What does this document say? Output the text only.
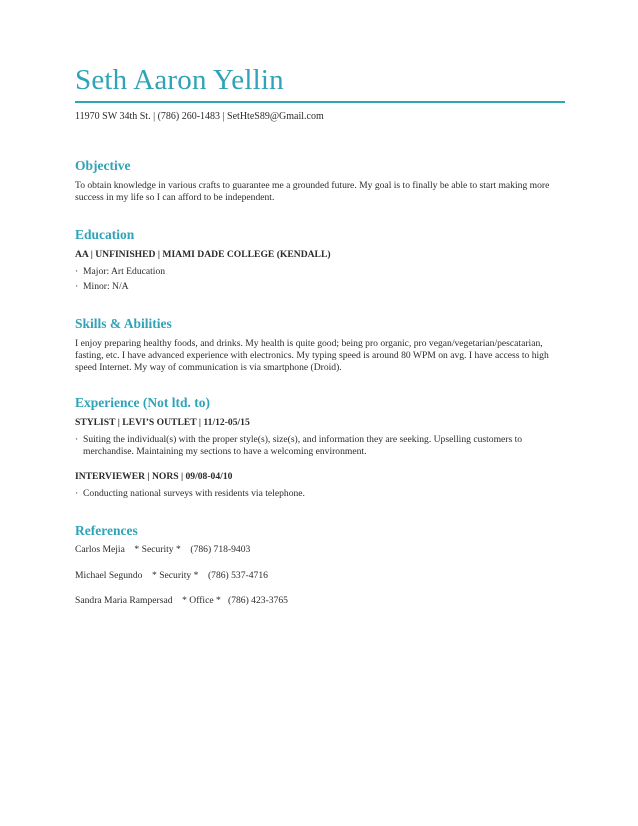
Seth Aaron Yellin
11970 SW 34th St. | (786) 260-1483 | SetHteS89@Gmail.com
Objective
To obtain knowledge in various crafts to guarantee me a grounded future. My goal is to finally be able to start making more success in my life so I can afford to be independent.
Education
AA | UNFINISHED | MIAMI DADE COLLEGE (KENDALL)
· Major: Art Education
· Minor: N/A
Skills & Abilities
I enjoy preparing healthy foods, and drinks. My health is quite good; being pro organic, pro vegan/vegetarian/pescatarian, fasting, etc. I have advanced experience with electronics. My typing speed is around 80 WPM on avg. I have access to high speed Internet. My way of communication is via smartphone (Droid).
Experience (Not ltd. to)
STYLIST | LEVI’S OUTLET | 11/12-05/15
· Suiting the individual(s) with the proper style(s), size(s), and information they are seeking. Upselling customers to merchandise. Maintaining my sections to have a welcoming environment.
INTERVIEWER | NORS | 09/08-04/10
· Conducting national surveys with residents via telephone.
References
Carlos Mejia    * Security *    (786) 718-9403
Michael Segundo    * Security *    (786) 537-4716
Sandra Maria Rampersad    * Office *   (786) 423-3765
